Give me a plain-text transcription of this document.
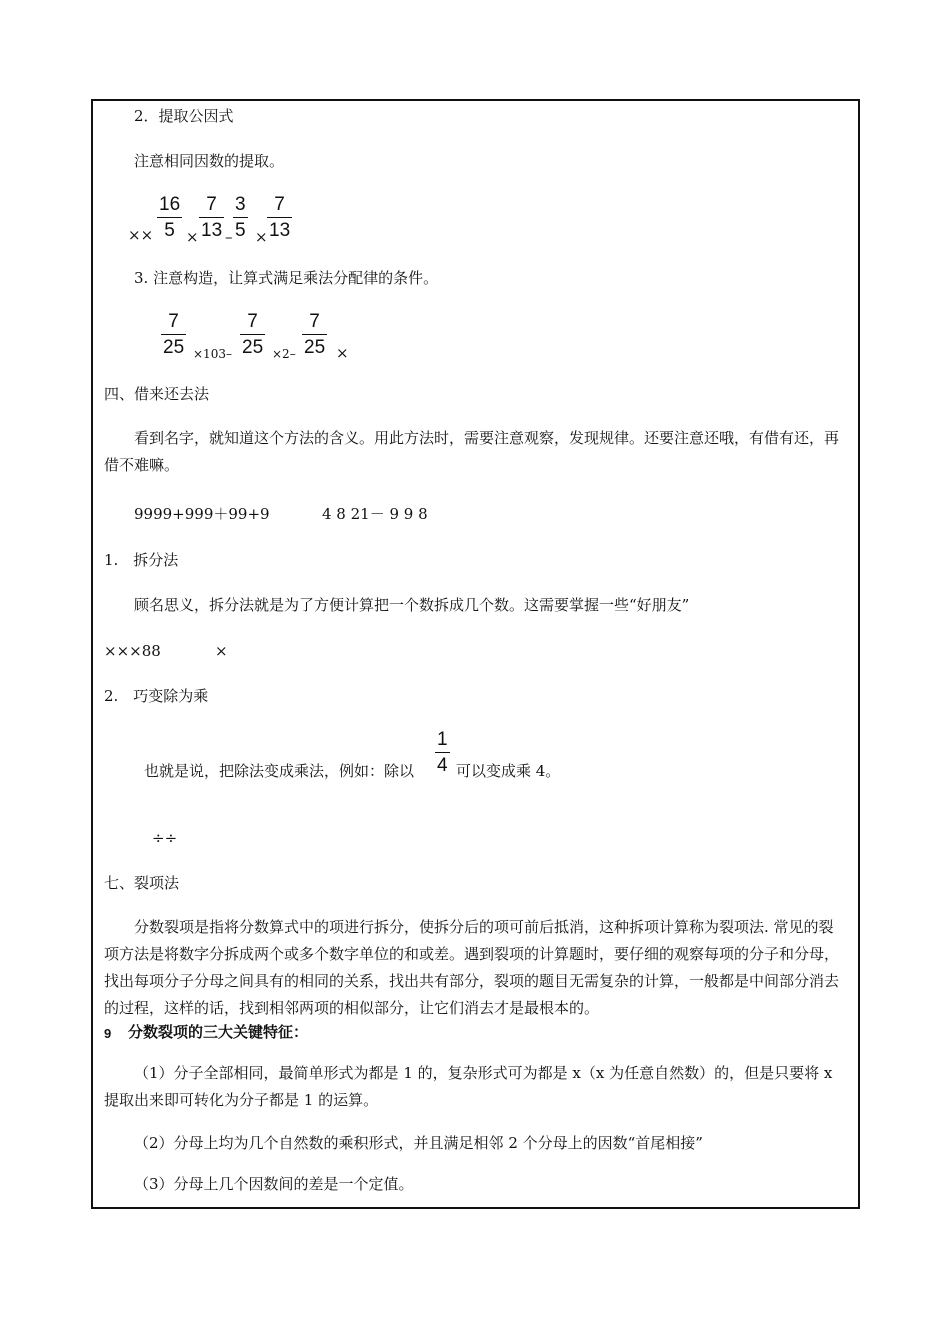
2．提取公因式
注意相同因数的提取。
××
16
5 ×
7
13 –
3
5 ×
7
13
3. 注意构造，让算式满足乘法分配律的条件。
7
25 ×103–
7
25 ×2–
7
25 ×
四、借来还去法
看到名字，就知道这个方法的含义。用此方法时，需要注意观察，发现规律。还要注意还哦，有借有还，再借不难嘛。
9999+999＋99+9	4 8 21－ 9 9 8
1.　拆分法
顾名思义，拆分法就是为了方便计算把一个数拆成几个数。这需要掌握一些“好朋友”
×××88	×
2.　巧变除为乘
也就是说，把除法变成乘法，例如：除以
1
4 可以变成乘 4。
÷÷
七、裂项法
分数裂项是指将分数算式中的项进行拆分，使拆分后的项可前后抵消，这种拆项计算称为裂项法. 常见的裂项方法是将数字分拆成两个或多个数字单位的和或差。遇到裂项的计算题时，要仔细的观察每项的分子和分母，找出每项分子分母之间具有的相同的关系，找出共有部分，裂项的题目无需复杂的计算，一般都是中间部分消去的过程，这样的话，找到相邻两项的相似部分，让它们消去才是最根本的。
9 分数裂项的三大关键特征：
（1）分子全部相同，最简单形式为都是 1 的，复杂形式可为都是 x（x 为任意自然数）的，但是只要将 x 提取出来即可转化为分子都是 1 的运算。
（2）分母上均为几个自然数的乘积形式，并且满足相邻 2 个分母上的因数“首尾相接”
（3）分母上几个因数间的差是一个定值。
